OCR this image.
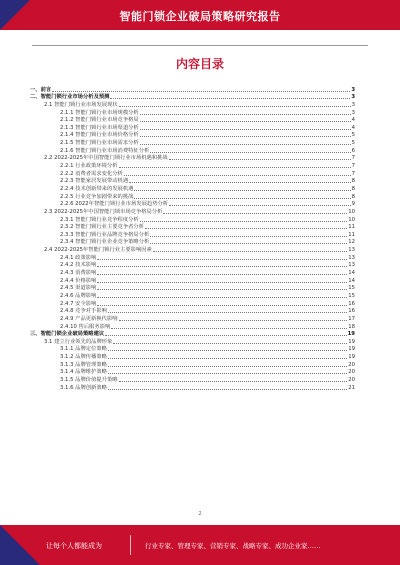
智能门锁企业破局策略研究报告
内容目录
一、前言	3
二、智能门锁行业市场分析及预测	3
2.1 智能门锁行业市场发展现状	3
2.1.1 智能门锁行业市场规模分析	3
2.1.2 智能门锁行业市场竞争格局	4
2.1.3 智能门锁行业市场渠道分析	4
2.1.4 智能门锁行业市场价格分析	5
2.1.5 智能门锁行业市场需求分析	5
2.1.6 智能门锁行业市场消费特征分析	6
2.2 2022-2025年中国智能门锁行业市场机遇和挑战	7
2.2.1 行业政策环境分析	7
2.2.2 消费者需求变化分析	7
2.2.3 智能家居发展带动机遇	8
2.2.4 技术创新带来的发展机遇	8
2.2.5 行业竞争加剧带来的挑战	8
2.2.6 2022年智能门锁行业市场发展趋势分析	9
2.3 2022-2025年中国智能门锁市场竞争格局分析	10
2.3.1 智能门锁行业竞争程度分析	10
2.3.2 智能门锁行业主要竞争者分析	11
2.3.3 智能门锁行业品牌竞争格局分析	11
2.3.4 智能门锁行业企业竞争策略分析	12
2.4 2022-2025年智能门锁行业主要影响因素	13
2.4.1 政策影响	13
2.4.2 技术影响	13
2.4.3 消费影响	14
2.4.4 价格影响	14
2.4.5 渠道影响	15
2.4.6 品牌影响	15
2.4.7 安全影响	16
2.4.8 竞争对手影响	16
2.4.9 产品更新换代影响	17
2.4.10 售后服务影响	18
三、智能门锁企业破局策略建议	19
3.1 建立行业领先的品牌形象	19
3.1.1 品牌定位策略	19
3.1.2 品牌传播策略	19
3.1.3 品牌管理策略	20
3.1.4 品牌维护策略	20
3.1.5 品牌价值提升策略	20
3.1.6 品牌创新策略	21
2
让每个人都能成为	行业专家、管理专家、营销专家、战略专家、成功企业家……
